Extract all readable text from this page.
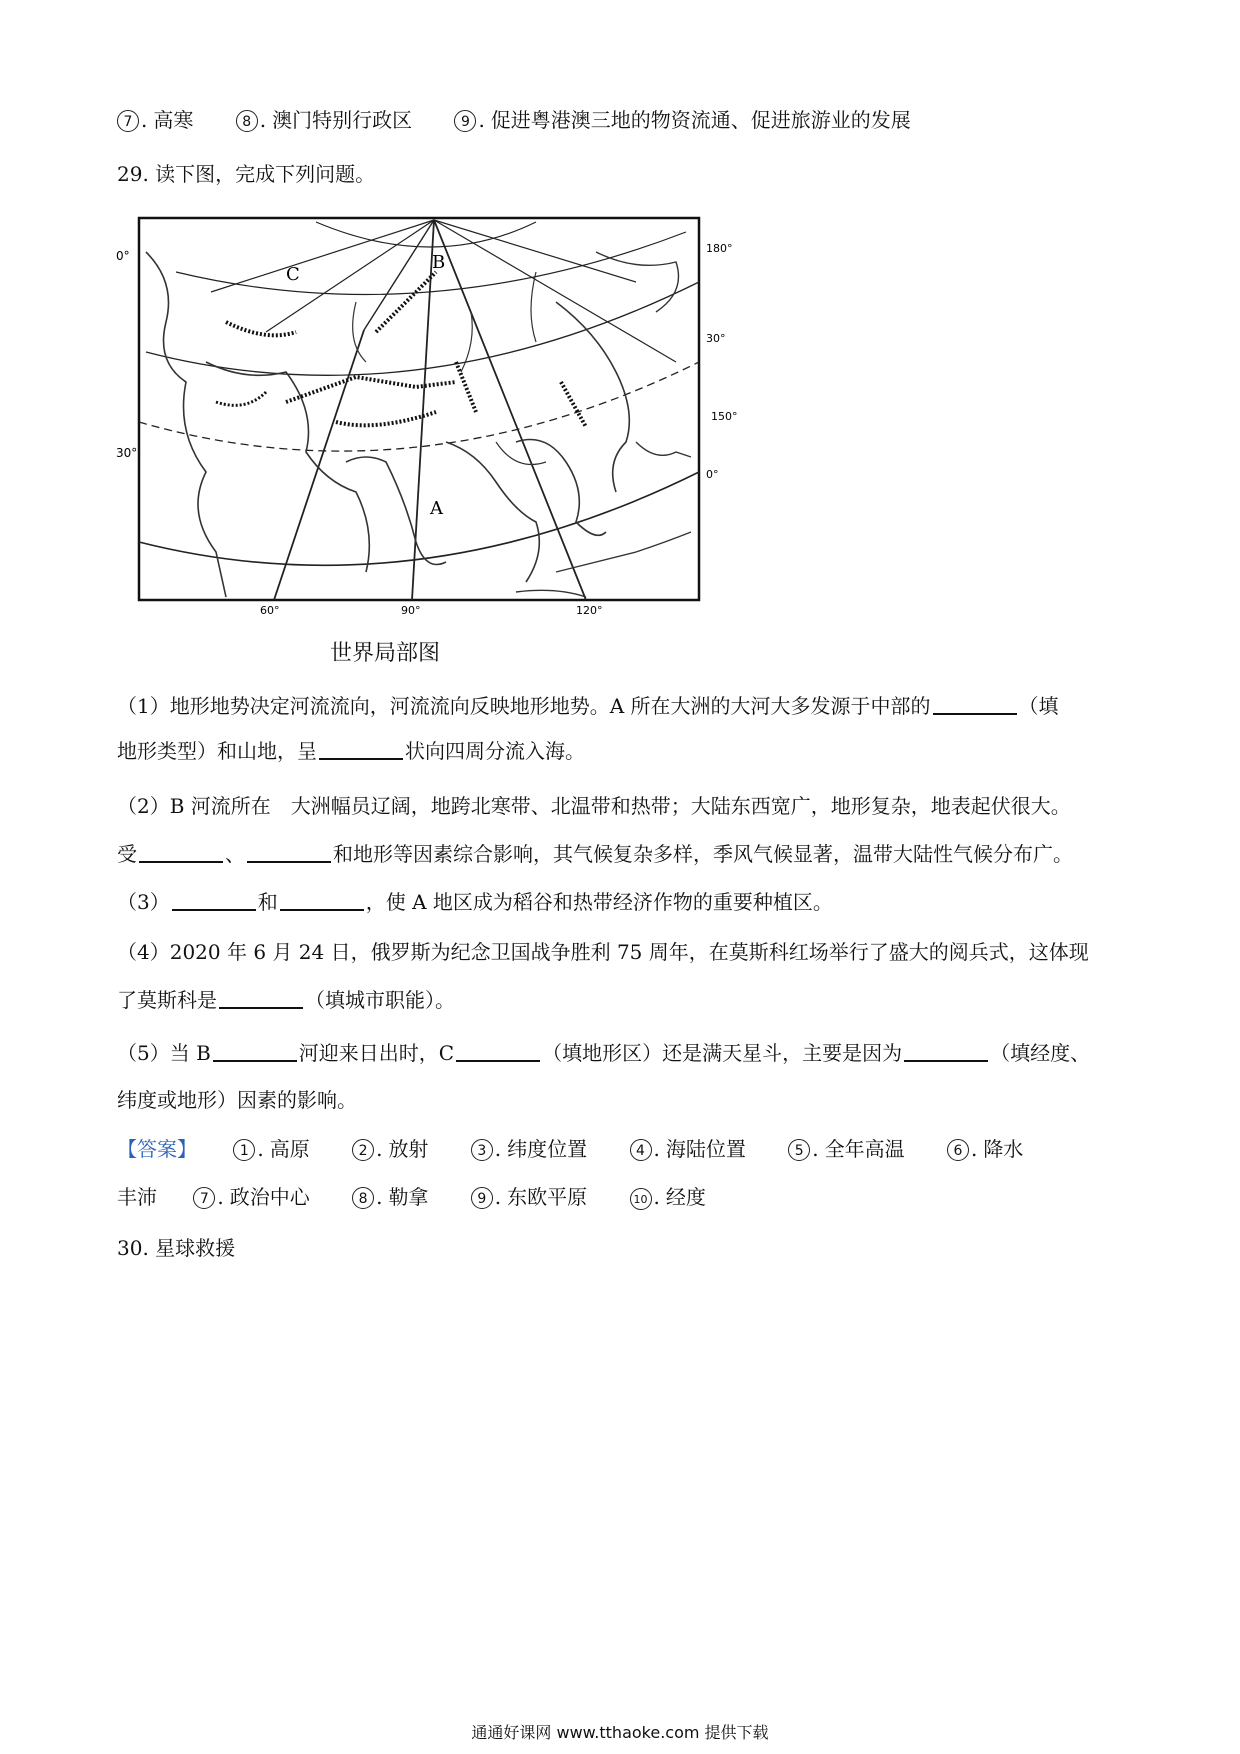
7 . 高寒	8 . 澳门特别行政区	9 . 促进粤港澳三地的物资流通、促进旅游业的发展
29. 读下图，完成下列问题。
0°
180°
30°
150°
0°
30°
60°	90°	120°
C
B
A
世界局部图
（1）地形地势决定河流流向，河流流向反映地形地势。A 所在大洲的大河大多发源于中部的	（填
地形类型）和山地，呈	状向四周分流入海。
（2）B 河流所在　大洲幅员辽阔，地跨北寒带、北温带和热带；大陆东西宽广，地形复杂，地表起伏很大。
受	、	和地形等因素综合影响，其气候复杂多样，季风气候显著，温带大陆性气候分布广。
（3）	和	，使 A 地区成为稻谷和热带经济作物的重要种植区。
（4）2020 年 6 月 24 日，俄罗斯为纪念卫国战争胜利 75 周年，在莫斯科红场举行了盛大的阅兵式，这体现
了莫斯科是	（填城市职能）。
（5）当 B	河迎来日出时，C	（填地形区）还是满天星斗，主要是因为	（填经度、
纬度或地形）因素的影响。
【答案】	1 . 高原	2 . 放射	3 . 纬度位置	4 . 海陆位置	5 . 全年高温	6 . 降水
丰沛	7 . 政治中心	8 . 勒拿	9 . 东欧平原	10 . 经度
30. 星球救援
通通好课网 www.tthaoke.com 提供下载
